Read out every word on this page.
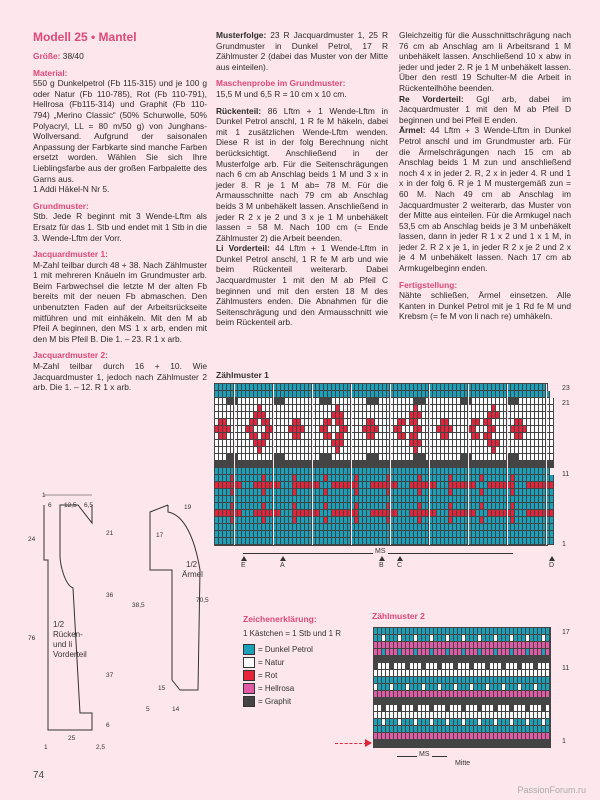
Modell 25 • Mantel

Größe: 38/40

Material:

550 g Dunkelpetrol (Fb 115-315) und je 100 g oder Natur (Fb 110-785), Rot (Fb 110-791), Hellrosa (Fb115-314) und Graphit (Fb 110-794) „Merino Classic“ (50% Schurwolle, 50% Polyacryl, LL = 80 m/50 g) von Junghans-Wollversand. Aufgrund der saisonalen Anpassung der Farbkarte sind manche Farben ersetzt worden. Wählen Sie sich Ihre Lieblingsfarbe aus der großen Farbpalette des Garns aus.

1 Addi Häkel-N Nr 5.

Grundmuster:

Stb. Jede R beginnt mit 3 Wende-Lftm als Ersatz für das 1. Stb und endet mit 1 Stb in die 3. Wende-Lftm der Vorr.

Jacquardmuster 1:

M-Zahl teilbar durch 48 + 38. Nach Zählmuster 1 mit mehreren Knäueln im Grundmuster arb. Beim Farbwechsel die letzte M der alten Fb bereits mit der neuen Fb abmaschen. Den unbenutzten Faden auf der Arbeitsrückseite mitführen und mit einhäkeln. Mit den M ab Pfeil A beginnen, den MS 1 x arb, enden mit den M bis Pfeil B. Die 1. – 23. R 1 x arb.

Jacquardmuster 2:

M-Zahl teilbar durch 16 + 10. Wie Jacquardmuster 1, jedoch nach Zählmuster 2 arb. Die 1. – 12. R 1 x arb.

Musterfolge: 23 R Jacquardmuster 1, 25 R Grundmuster in Dunkel Petrol, 17 R Zählmuster 2 (dabei das Muster von der Mitte aus einteilen).

Maschenprobe im Grundmuster:

15,5 M und 6,5 R = 10 cm x 10 cm.

Rückenteil: 86 Lftm + 1 Wende-Lftm in Dunkel Petrol anschl, 1 R fe M häkeln, dabei mit 1 zusätzlichen Wende-Lftm wenden. Diese R ist in der folg Berechnung nicht berücksichtigt. Anschließend in der Musterfolge arb. Für die Seitenschrägungen nach 6 cm ab Anschlag beids 1 M und 3 x in jeder 8. R je 1 M ab= 78 M. Für die Armausschnitte nach 79 cm ab Anschlag beids 3 M unbehäkelt lassen. Anschließend in jeder R 2 x je 2 und 3 x je 1 M unbehäkelt lassen = 58 M. Nach 100 cm (= Ende Zählmuster 2) die Arbeit beenden.

Li Vorderteil: 44 Lftm + 1 Wende-Lftm in Dunkel Petrol anschl, 1 R fe M arb und wie beim Rückenteil weiterarb. Dabei Jacquardmuster 1 mit den M ab Pfeil C beginnen und mit den ersten 18 M des Zählmusters enden. Die Abnahmen für die Seitenschrägung und den Armausschnitt wie beim Rückenteil arb.

Gleichzeitig für die Ausschnittschrägung nach 76 cm ab Anschlag am li Arbeitsrand 1 M unbehäkelt lassen. Anschließend 10 x abw in jeder und jeder 2. R je 1 M unbehäkelt lassen. Über den restl 19 Schulter-M die Arbeit in Rückenteilhöhe beenden.

Re Vorderteil: Ggl arb, dabei im Jacquardmuster 1 mit den M ab Pfeil D beginnen und bei Pfeil E enden.

Ärmel: 44 Lftm + 3 Wende-Lftm in Dunkel Petrol anschl und im Grundmuster arb. Für die Ärmelschrägungen nach 15 cm ab Anschlag beids 1 M zun und anschließend noch 4 x in jeder 2. R, 2 x in jeder 4. R und 1 x in der folg 6. R je 1 M mustergemäß zun = 60 M. Nach 49 cm ab Anschlag im Jacquardmuster 2 weiterarb, das Muster von der Mitte aus einteilen. Für die Armkugel nach 53,5 cm ab Anschlag beids je 3 M unbehäkelt lassen, dann in jeder R 1 x 2 und 1 x 1 M, in jeder 2. R 2 x je 1, in jeder R 2 x je 2 und 2 x je 4 M unbehäkelt lassen. Nach 17 cm ab Armkugelbeginn enden.

Fertigstellung:

Nähte schließen, Ärmel einsetzen. Alle Kanten in Dunkel Petrol mit je 1 Rd fe M und Krebsm (= fe M von li nach re) umhäkeln.

Zählmuster 1
23
21
11
1
MS
E	A	B C	D
Zeichenerklärung:
1 Kästchen = 1 Stb und 1 R
= Dunkel Petrol
= Natur
= Rot
= Hellrosa
= Graphit
Zählmuster 2
17
11
1
MS
Mitte
1
6 12,5 6,5
21
24
36
76
37
6
1
25
2,5
1/2
Rücken-
und li
Vorderteil
19
17
38,5
70,5
15
5	14
1/2
Ärmel
74
PassionForum.ru
